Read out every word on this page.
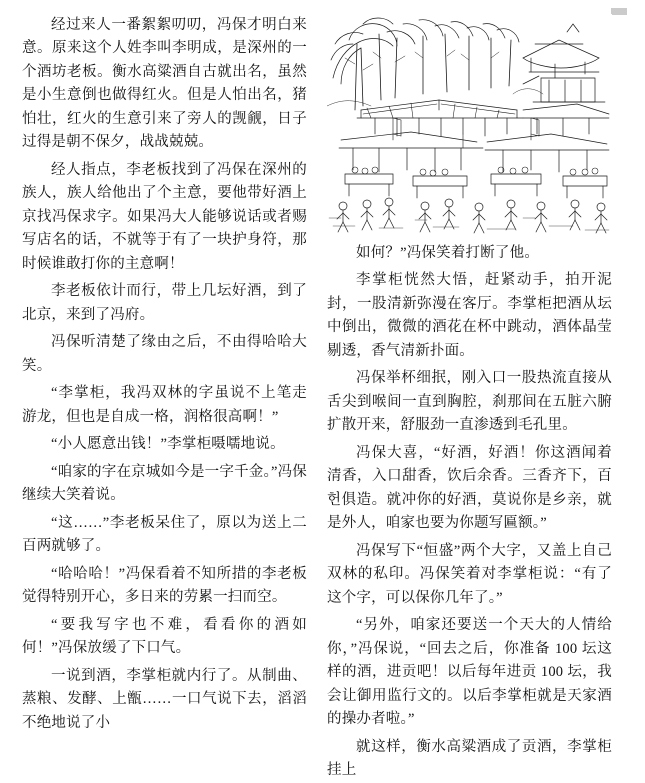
经过来人一番絮絮叨叨，冯保才明白来意。原来这个人姓李叫李明成，是深州的一个酒坊老板。衡水高粱酒自古就出名，虽然是小生意倒也做得红火。但是人怕出名，猪怕壮，红火的生意引来了旁人的觊觎，日子过得是朝不保夕，战战兢兢。

经人指点，李老板找到了冯保在深州的族人，族人给他出了个主意，要他带好酒上京找冯保求字。如果冯大人能够说话或者赐写店名的话，不就等于有了一块护身符，那时候谁敢打你的主意啊！

李老板依计而行，带上几坛好酒，到了北京，来到了冯府。

冯保听清楚了缘由之后，不由得哈哈大笑。

“李掌柜，我冯双林的字虽说不上笔走游龙，但也是自成一格，润格很高啊！”

“小人愿意出钱！”李掌柜嗫嚅地说。

“咱家的字在京城如今是一字千金。”冯保继续大笑着说。

“这……”李老板呆住了，原以为送上二百两就够了。

“哈哈哈！”冯保看着不知所措的李老板觉得特别开心，多日来的劳累一扫而空。

“要我写字也不难，看看你的酒如何！”冯保放缓了下口气。

一说到酒，李掌柜就内行了。从制曲、蒸粮、发酵、上甑……一口气说下去，滔滔不绝地说了小

如何？”冯保笑着打断了他。

李掌柜恍然大悟，赶紧动手，拍开泥封，一股清新弥漫在客厅。李掌柜把酒从坛中倒出，微微的酒花在杯中跳动，酒体晶莹剔透，香气清新扑面。

冯保举杯细抿，刚入口一股热流直接从舌尖到喉间一直到胸腔，刹那间在五脏六腑扩散开来，舒服劲一直渗透到毛孔里。

冯保大喜，“好酒，好酒！你这酒闻着清香，入口甜香，饮后余香。三香齐下，百헌俱造。就冲你的好酒，莫说你是乡亲，就是外人，咱家也要为你题写匾额。”

冯保写下“恒盛”两个大字，又盖上自己双林的私印。冯保笑着对李掌柜说：“有了这个字，可以保你几年了。”

“另外，咱家还要送一个天大的人情给你，”冯保说，“回去之后，你准备 100 坛这样的酒，进贡吧！以后每年进贡 100 坛，我会让御用监行文的。以后李掌柜就是天家酒的操办者啦。”

就这样，衡水高粱酒成了贡酒，李掌柜挂上
